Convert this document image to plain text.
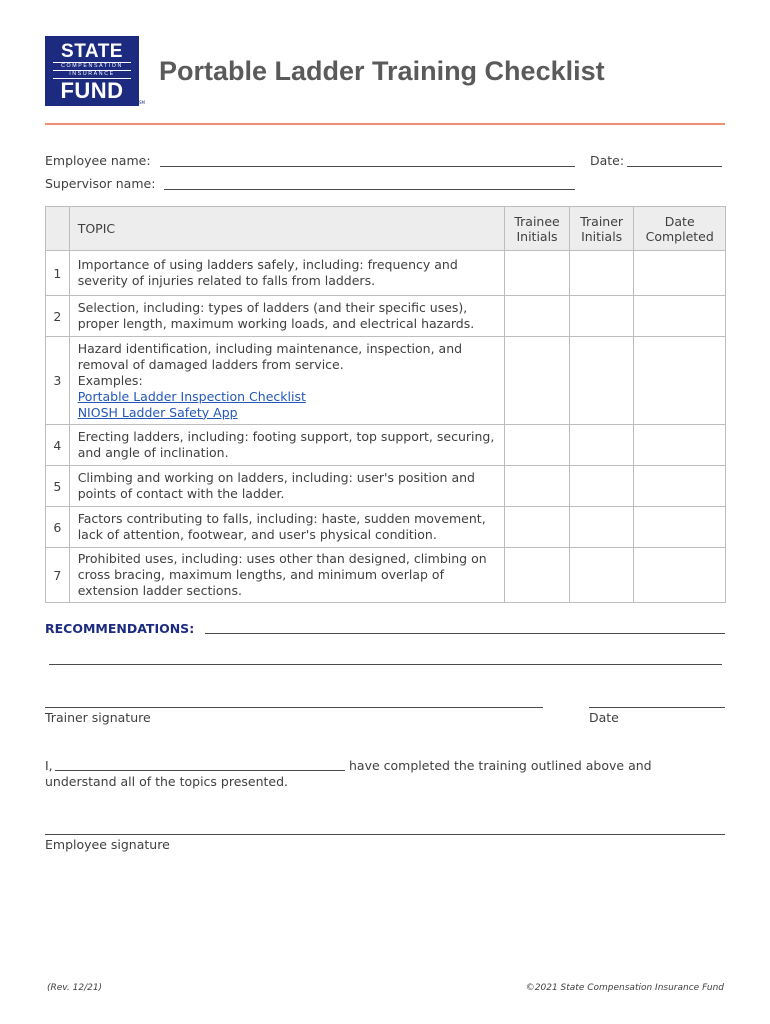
STATE
COMPENSATION
INSURANCE
FUND	SM
Portable Ladder Training Checklist
Employee name:	Date:
Supervisor name:
	TOPIC	Trainee Initials	Trainer Initials	Date Completed
1	Importance of using ladders safely, including: frequency and severity of injuries related to falls from ladders.			
2	Selection, including: types of ladders (and their specific uses), proper length, maximum working loads, and electrical hazards.			
3	Hazard identification, including maintenance, inspection, and removal of damaged ladders from service.
Examples:
Portable Ladder Inspection Checklist
NIOSH Ladder Safety App			

4	Erecting ladders, including: footing support, top support, securing, and angle of inclination.			
5	Climbing and working on ladders, including: user's position and points of contact with the ladder.			
6	Factors contributing to falls, including: haste, sudden movement, lack of attention, footwear, and user's physical condition.			
7	Prohibited uses, including: uses other than designed, climbing on cross bracing, maximum lengths, and minimum overlap of extension ladder sections.			
RECOMMENDATIONS:
Trainer signature	Date
I,	have completed the training outlined above and
understand all of the topics presented.
Employee signature
(Rev. 12/21)	©2021 State Compensation Insurance Fund
